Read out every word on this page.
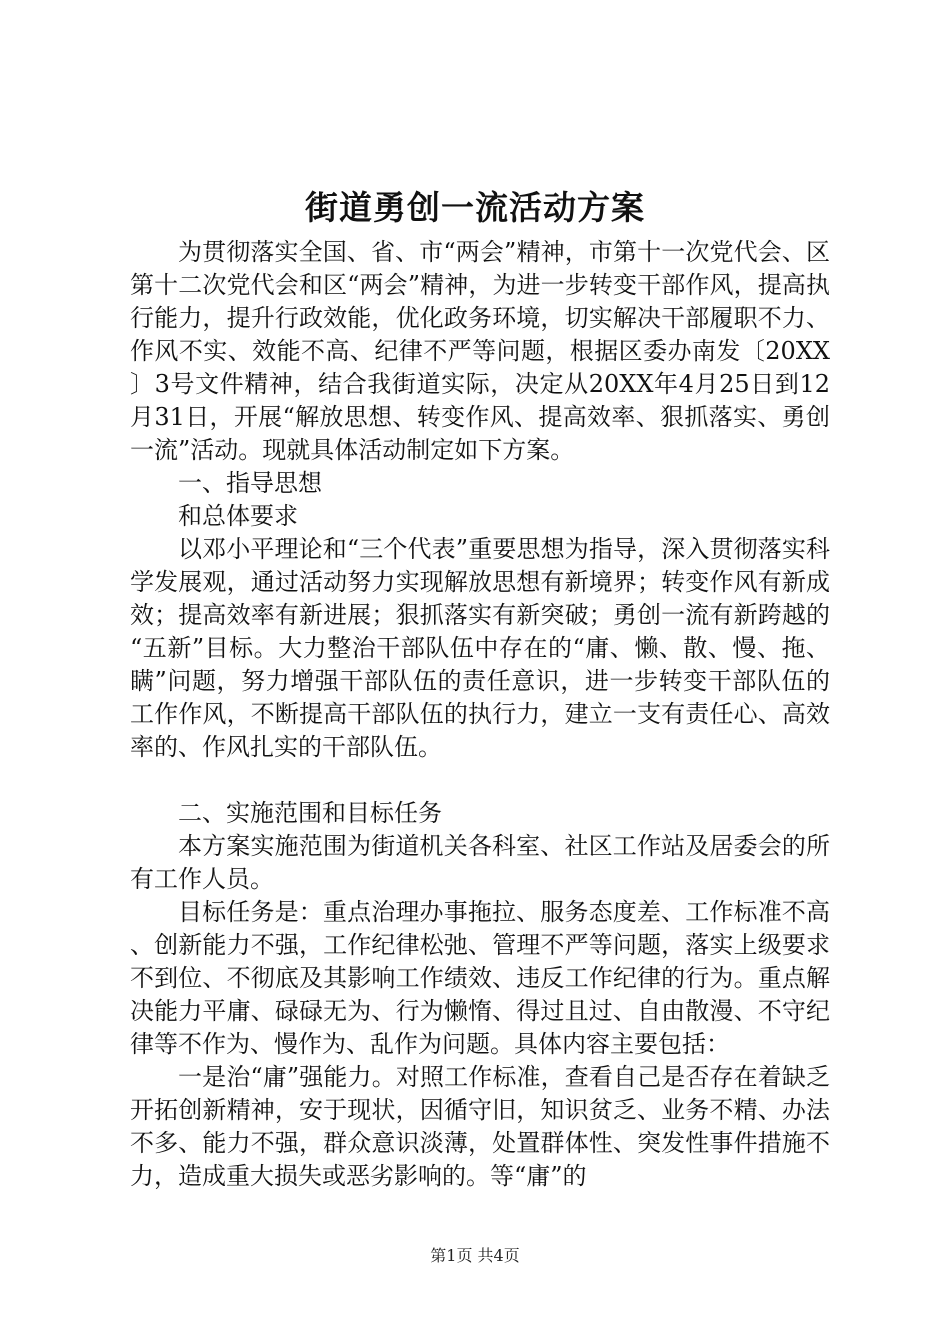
街道勇创一流活动方案

为贯彻落实全国、省、市“两会”精神，市第十一次党代会、区第十二次党代会和区“两会”精神，为进一步转变干部作风，提高执行能力，提升行政效能，优化政务环境，切实解决干部履职不力、作风不实、效能不高、纪律不严等问题，根据区委办南发〔20XX〕3号文件精神，结合我街道实际，决定从20XX年4月25日到12月31日，开展“解放思想、转变作风、提高效率、狠抓落实、勇创一流”活动。现就具体活动制定如下方案。

一、指导思想

和总体要求

以邓小平理论和“三个代表”重要思想为指导，深入贯彻落实科学发展观，通过活动努力实现解放思想有新境界；转变作风有新成效；提高效率有新进展；狠抓落实有新突破；勇创一流有新跨越的“五新”目标。大力整治干部队伍中存在的“庸、懒、散、慢、拖、瞒”问题，努力增强干部队伍的责任意识，进一步转变干部队伍的工作作风，不断提高干部队伍的执行力，建立一支有责任心、高效率的、作风扎实的干部队伍。

二、实施范围和目标任务

本方案实施范围为街道机关各科室、社区工作站及居委会的所有工作人员。

目标任务是：重点治理办事拖拉、服务态度差、工作标准不高、创新能力不强，工作纪律松弛、管理不严等问题，落实上级要求不到位、不彻底及其影响工作绩效、违反工作纪律的行为。重点解决能力平庸、碌碌无为、行为懒惰、得过且过、自由散漫、不守纪律等不作为、慢作为、乱作为问题。具体内容主要包括：

一是治“庸”强能力。对照工作标准，查看自己是否存在着缺乏开拓创新精神，安于现状，因循守旧，知识贫乏、业务不精、办法不多、能力不强，群众意识淡薄，处置群体性、突发性事件措施不力，造成重大损失或恶劣影响的。等“庸”的

第1页 共4页
